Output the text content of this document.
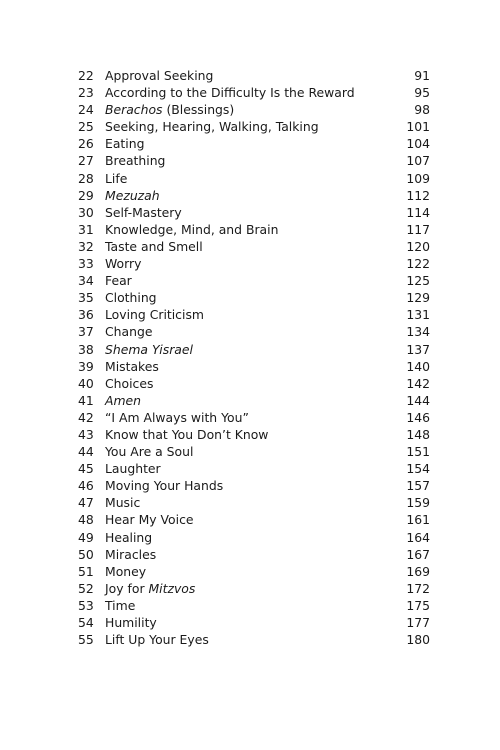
22 Approval Seeking	91
23 According to the Difficulty Is the Reward	95
24 Berachos (Blessings)	98
25 Seeking, Hearing, Walking, Talking	101
26 Eating	104
27 Breathing	107
28 Life	109
29 Mezuzah	112
30 Self-Mastery	114
31 Knowledge, Mind, and Brain	117
32 Taste and Smell	120
33 Worry	122
34 Fear	125
35 Clothing	129
36 Loving Criticism	131
37 Change	134
38 Shema Yisrael	137
39 Mistakes	140
40 Choices	142
41 Amen	144
42 “I Am Always with You”	146
43 Know that You Don’t Know	148
44 You Are a Soul	151
45 Laughter	154
46 Moving Your Hands	157
47 Music	159
48 Hear My Voice	161
49 Healing	164
50 Miracles	167
51 Money	169
52 Joy for Mitzvos	172
53 Time	175
54 Humility	177
55 Lift Up Your Eyes	180
